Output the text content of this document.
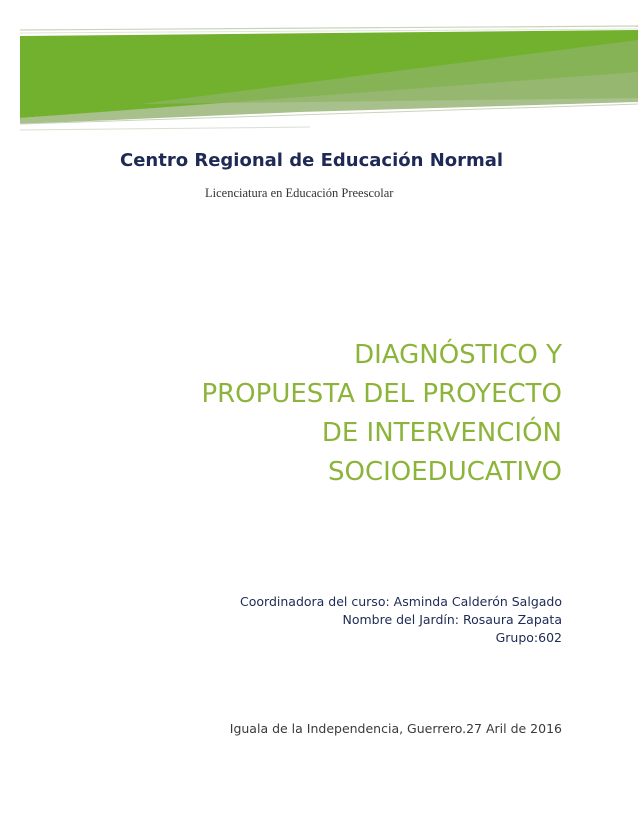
Centro Regional de Educación Normal
Licenciatura en Educación Preescolar
DIAGNÓSTICO Y
PROPUESTA DEL PROYECTO
DE INTERVENCIÓN
SOCIOEDUCATIVO
Coordinadora del curso: Asminda Calderón Salgado
Nombre del Jardín: Rosaura Zapata
Grupo:602
Iguala de la Independencia, Guerrero.27 Aril de 2016
